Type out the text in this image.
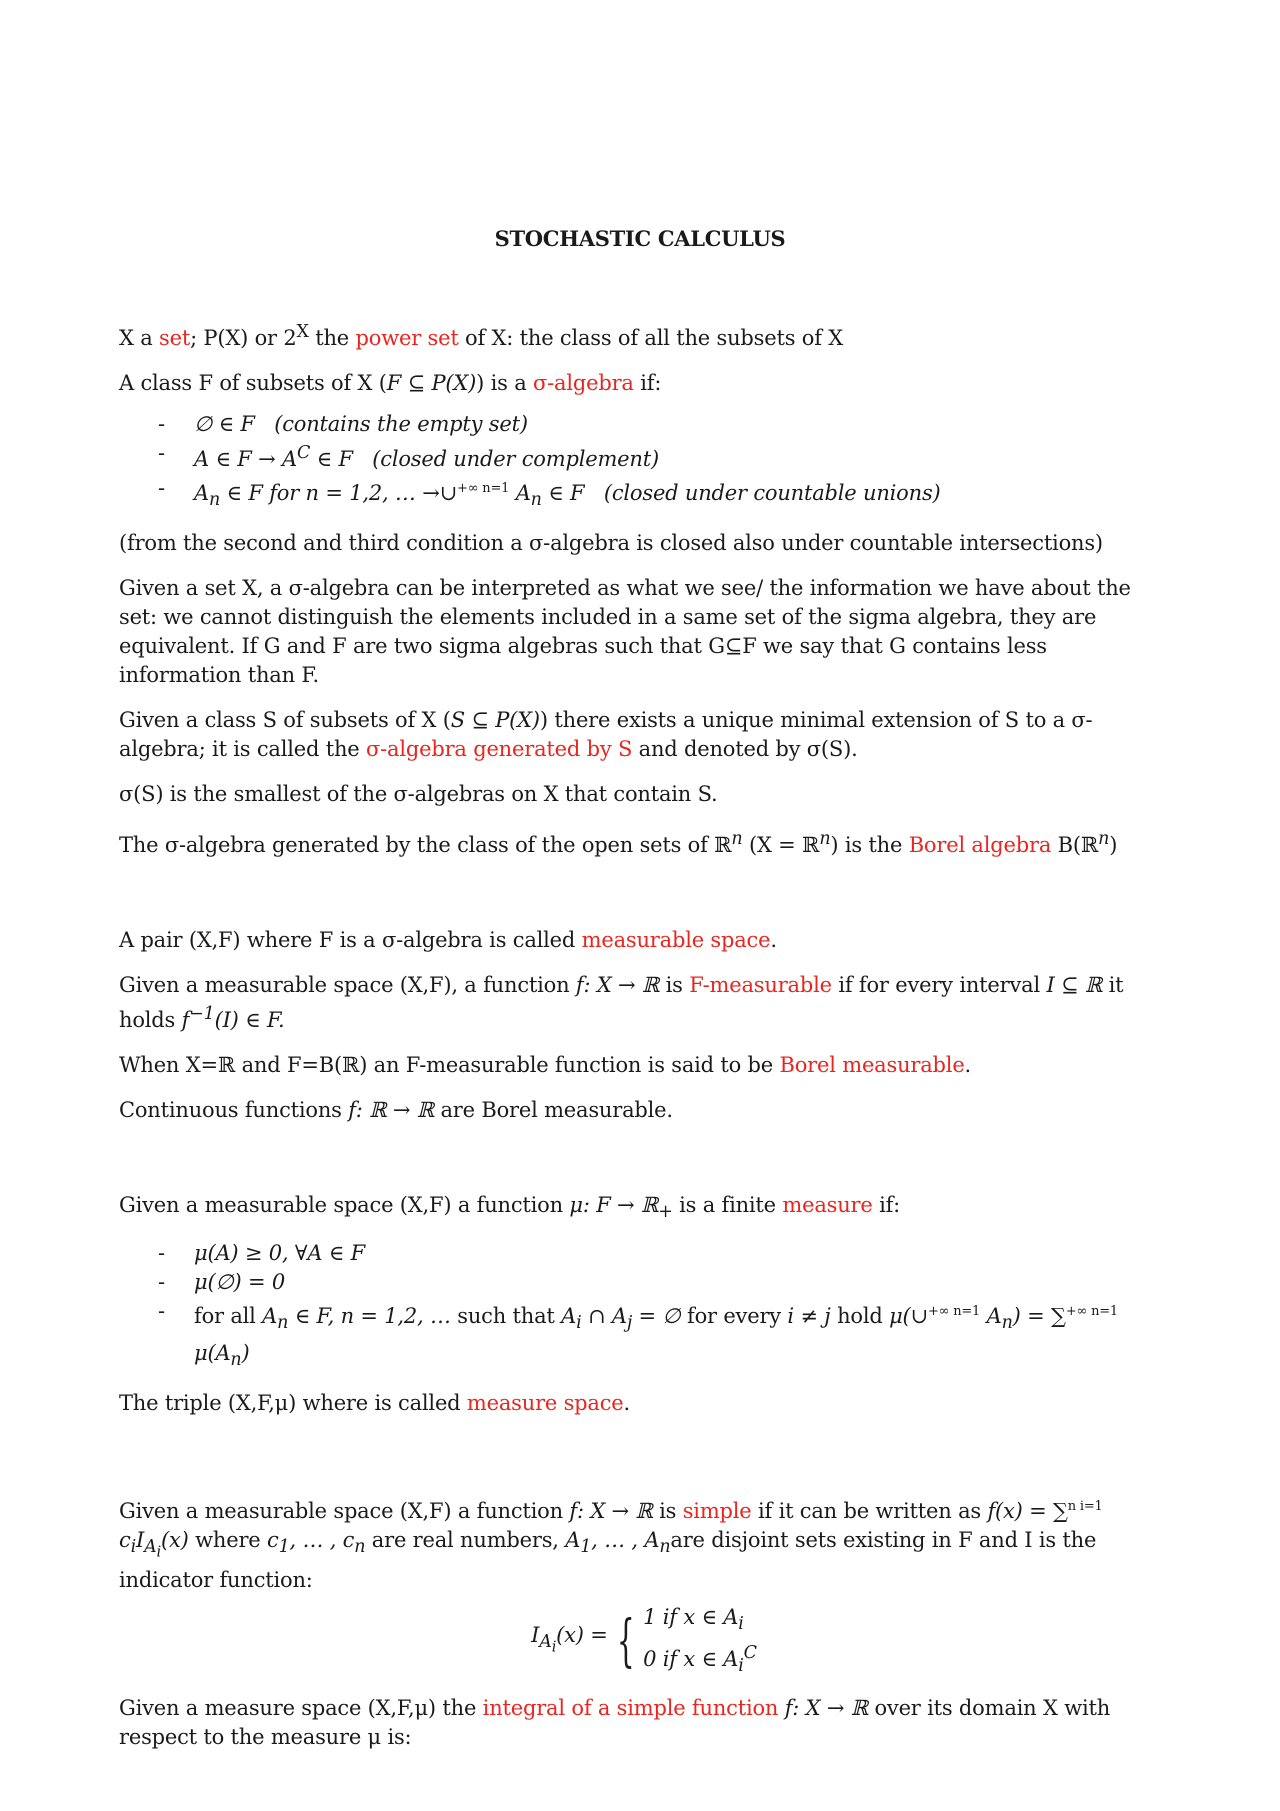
STOCHASTIC CALCULUS

X a set; P(X) or $2^X$ the power set of X: the class of all the subsets of X

A class F of subsets of X (F ⊆ P(X)) is a σ-algebra if:

- ∅ ∈ F (contains the empty set)
- A ∈ $F \to A^C$ ∈ F (closed under complement)
- $A_n$ ∈ F for n = 1,2, … →∪$^{+\infty n=1}$ $A_n$ ∈ F (closed under countable unions)

(from the second and third condition a σ-algebra is closed also under countable intersections)

Given a set X, a σ-algebra can be interpreted as what we see/ the information we have about the set: we cannot distinguish the elements included in a same set of the sigma algebra, they are equivalent. If G and F are two sigma algebras such that G⊆F we say that G contains less information than F.

Given a class S of subsets of X (S ⊆ P(X)) there exists a unique minimal extension of S to a σ-algebra; it is called the σ-algebra generated by S and denoted by σ(S).

σ(S) is the smallest of the σ-algebras on X that contain S.

The σ-algebra generated by the class of the open sets of ℝ$^n$ (X = ℝ$^n$) is the Borel algebra B(ℝ$^n$)

A pair (X,F) where F is a σ-algebra is called measurable space.

Given a measurable space (X,F), a function f: X → ℝ is F-measurable if for every interval I ⊆ ℝ it holds $f^{-1}(I)$ ∈ F.

When X=ℝ and F=B(ℝ) an F-measurable function is said to be Borel measurable.

Continuous functions f: ℝ → ℝ are Borel measurable.

Given a measurable space (X,F) a function μ: F → ℝ$_+$ is a finite measure if:

- μ(A) ≥ 0, ∀A ∈ F
- μ(∅) = 0
- for all $A_n$ ∈ F, n = 1,2, … such that $A_i$ ∩ $A_j$ = ∅ for every i ≠ j hold μ(∪$^{+\infty n=1}$ $A_n) = \sum^{+\infty n=1}$ $\mu(A_n)$

The triple (X,F,μ) where is called measure space.

Given a measurable space (X,F) a function f: X → ℝ is simple if it can be written as f(x) = ∑$^{n i=1}$ $c_iI_{A_i}(x)$ where $c_1$, … , $c_n$ are real numbers, $A_1$, … , $A_nare$ disjoint sets existing in F and I is the indicator function:

$I_{A_i}(x)$ = { 1 if x ∈ $A_i$
0 if x ∈ $A_i^C$

Given a measure space (X,F,μ) the integral of a simple function f: X → ℝ over its domain X with respect to the measure μ is:
